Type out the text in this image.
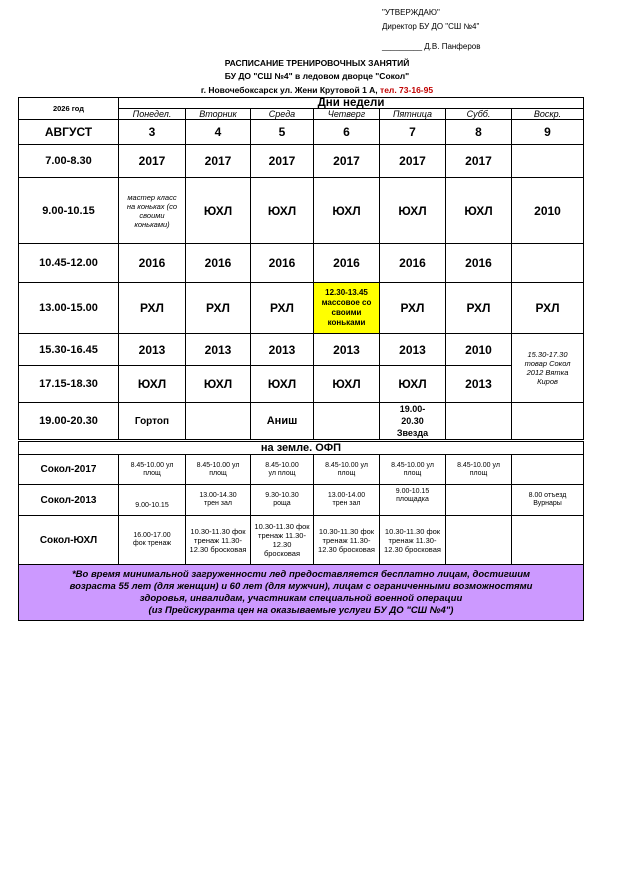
"УТВЕРЖДАЮ"
Директор БУ ДО "СШ №4"
_________ Д.В. Панферов
РАСПИСАНИЕ ТРЕНИРОВОЧНЫХ ЗАНЯТИЙ
БУ ДО "СШ №4" в ледовом дворце "Сокол"
г. Новочебоксарск ул. Жени Крутовой 1 А, тел. 73-16-95
2026 год	Дни недели						
	Понедел.	Вторник	Среда	Четверг	Пятница	Субб.	Воскр.
АВГУСТ	3	4	5	6	7	8	9
7.00-8.30	2017	2017	2017	2017	2017	2017	
9.00-10.15	мастер класс на коньках (со своими коньками)	ЮХЛ	ЮХЛ	ЮХЛ	ЮХЛ	ЮХЛ	2010
10.45-12.00	2016	2016	2016	2016	2016	2016	
13.00-15.00	РХЛ	РХЛ	РХЛ	12.30-13.45 массовое со своими коньками	РХЛ	РХЛ	РХЛ
15.30-16.45	2013	2013	2013	2013	2013	2010	15.30-17.30 товар Сокол 2012 Вятка Киров
17.15-18.30	ЮХЛ	ЮХЛ	ЮХЛ	ЮХЛ	ЮХЛ	2013	
19.00-20.30	Гортоп		Аниш		19.00-20.30 Звезда		
на земле. ОФП							
Сокол-2017	8.45-10.00 ул площ	8.45-10.00 ул площ	8.45-10.00 ул площ	8.45-10.00 ул площ	8.45-10.00 ул площ	8.45-10.00 ул площ	
Сокол-2013	9.00-10.15	13.00-14.30 трен зал	9.30-10.30 роща	13.00-14.00 трен зал	9.00-10.15 площадка		8.00 отъезд Вурнары
Сокол-ЮХЛ	16.00-17.00 фок тренаж	10.30-11.30 фок тренаж 11.30-12.30 бросковая	10.30-11.30 фок тренаж 11.30-12.30 бросковая	10.30-11.30 фок тренаж 11.30-12.30 бросковая	10.30-11.30 фок тренаж 11.30-12.30 бросковая		

*Во время минимальной загруженности лед предоставляется бесплатно лицам, достигшим
возраста 55 лет (для женщин) и 60 лет (для мужчин), лицам с ограниченными возможностями
здоровья, инвалидам, участникам специальной военной операции
(из Прейскуранта цен на оказываемые услуги БУ ДО "СШ №4")							
